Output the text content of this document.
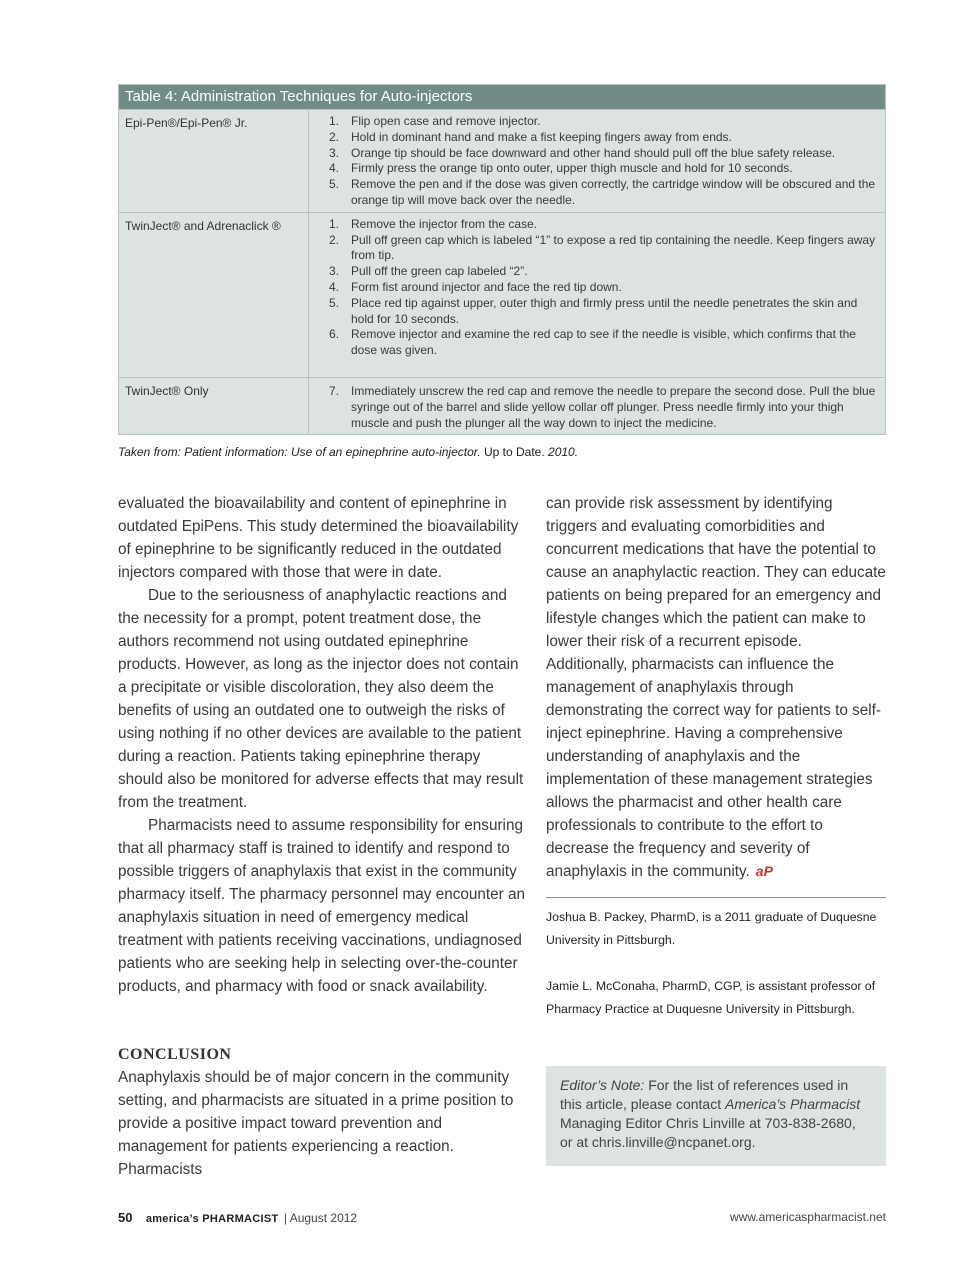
Table 4: Administration Techniques for Auto-injectors
Epi-Pen®/Epi-Pen® Jr.	1.	Flip open case and remove injector.
2.	Hold in dominant hand and make a fist keeping fingers away from ends.
3.	Orange tip should be face downward and other hand should pull off the blue safety release.
4.	Firmly press the orange tip onto outer, upper thigh muscle and hold for 10 seconds.
5.	Remove the pen and if the dose was given correctly, the cartridge window will be obscured and the orange tip will move back over the needle.
TwinJect® and Adrenaclick ®	1.	Remove the injector from the case.
2.	Pull off green cap which is labeled “1” to expose a red tip containing the needle. Keep fingers away from tip.
3.	Pull off the green cap labeled “2”.
4.	Form fist around injector and face the red tip down.
5.	Place red tip against upper, outer thigh and firmly press until the needle penetrates the skin and hold for 10 seconds.
6.	Remove injector and examine the red cap to see if the needle is visible, which confirms that the dose was given.
TwinJect® Only	7.	Immediately unscrew the red cap and remove the needle to prepare the second dose. Pull the blue syringe out of the barrel and slide yellow collar off plunger. Press needle firmly into your thigh muscle and push the plunger all the way down to inject the medicine.
Taken from: Patient information: Use of an epinephrine auto-injector. Up to Date. 2010.

evaluated the bioavailability and content of epinephrine in outdated EpiPens. This study determined the bioavailability of epinephrine to be significantly reduced in the outdated injectors compared with those that were in date.

Due to the seriousness of anaphylactic reactions and the necessity for a prompt, potent treatment dose, the authors recommend not using outdated epinephrine products. However, as long as the injector does not contain a precipitate or visible discoloration, they also deem the benefits of using an outdated one to outweigh the risks of using nothing if no other devices are available to the patient during a reaction. Patients taking epinephrine therapy should also be monitored for adverse effects that may result from the treatment.

Pharmacists need to assume responsibility for ensuring that all pharmacy staff is trained to identify and respond to possible triggers of anaphylaxis that exist in the community pharmacy itself. The pharmacy personnel may encounter an anaphylaxis situation in need of emergency medical treatment with patients receiving vaccinations, undiagnosed patients who are seeking help in selecting over-the-counter products, and pharmacy with food or snack availability.

CONCLUSION

Anaphylaxis should be of major concern in the community setting, and pharmacists are situated in a prime position to provide a positive impact toward prevention and management for patients experiencing a reaction. Pharmacists

can provide risk assessment by identifying triggers and evaluating comorbidities and concurrent medications that have the potential to cause an anaphylactic reaction. They can educate patients on being prepared for an emergency and lifestyle changes which the patient can make to lower their risk of a recurrent episode. Additionally, pharmacists can influence the management of anaphylaxis through demonstrating the correct way for patients to self-inject epinephrine. Having a comprehensive understanding of anaphylaxis and the implementation of these management strategies allows the pharmacist and other health care professionals to contribute to the effort to decrease the frequency and severity of anaphylaxis in the community. aP

Joshua B. Packey, PharmD, is a 2011 graduate of Duquesne University in Pittsburgh.
Jamie L. McConaha, PharmD, CGP, is assistant professor of Pharmacy Practice at Duquesne University in Pittsburgh.
Editor’s Note: For the list of references used in this article, please contact America’s Pharmacist Managing Editor Chris Linville at 703-838-2680, or at chris.linville@ncpanet.org.
50 america’s PHARMACIST | August 2012	www.americaspharmacist.net
